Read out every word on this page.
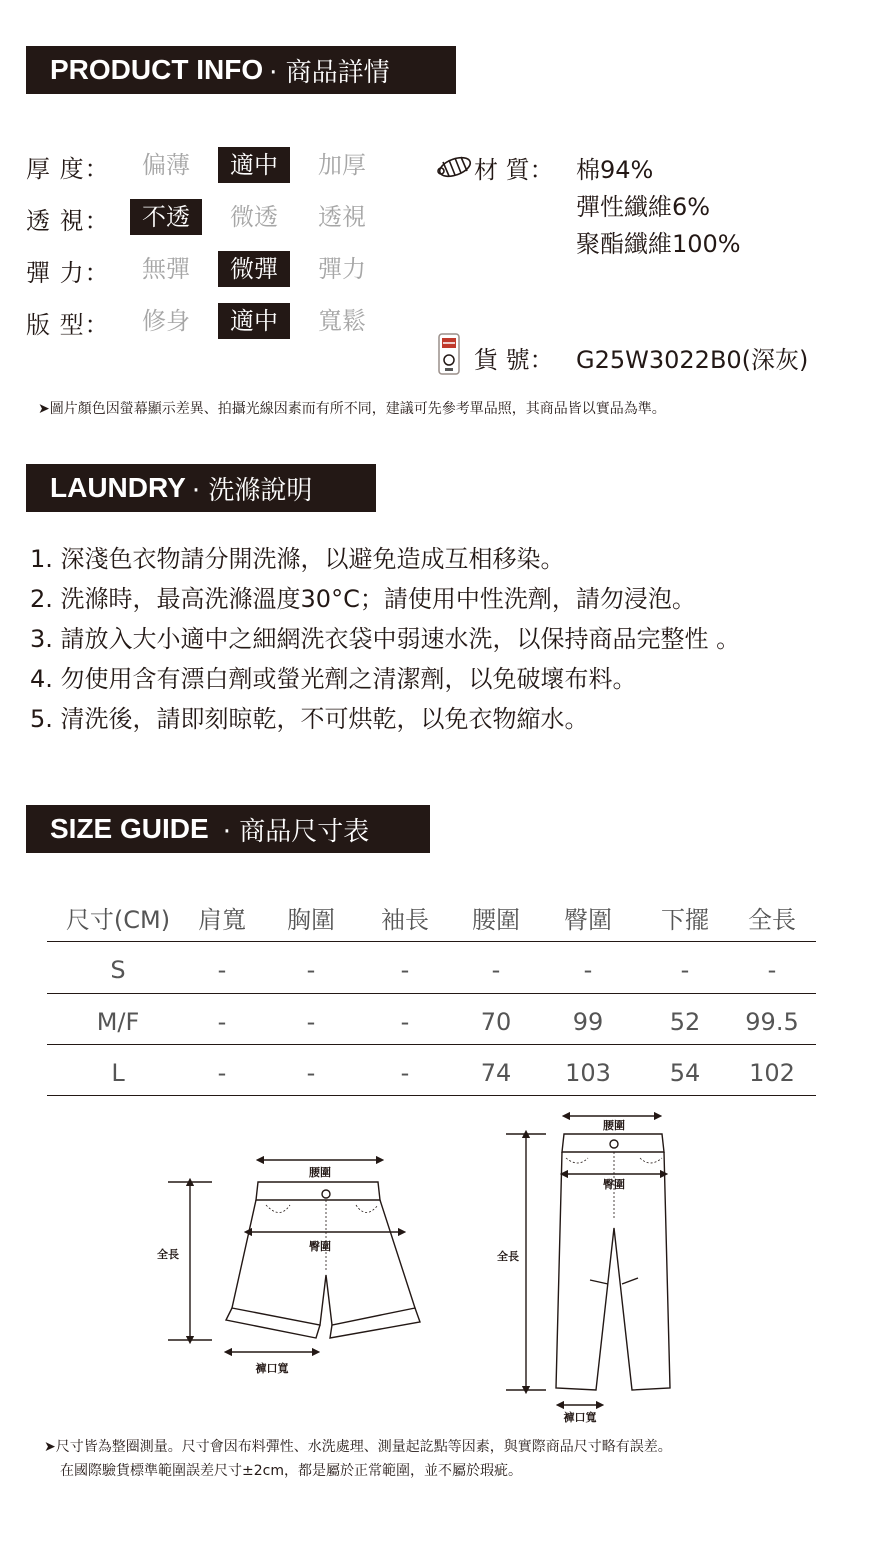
PRODUCT INFO · 商品詳情
厚 度：	偏薄	適中	加厚
透 視：	不透	微透	透視
彈 力：	無彈	微彈	彈力
版 型：	修身	適中	寬鬆
材 質： 棉94%
彈性纖維6%
聚酯纖維100%
貨 號： G25W3022B0(深灰)
➤圖片顏色因螢幕顯示差異、拍攝光線因素而有所不同，建議可先參考單品照，其商品皆以實品為準。
LAUNDRY · 洗滌說明
1. 深淺色衣物請分開洗滌，以避免造成互相移染。
2. 洗滌時，最高洗滌溫度30°C；請使用中性洗劑，請勿浸泡。
3. 請放入大小適中之細網洗衣袋中弱速水洗，以保持商品完整性 。
4. 勿使用含有漂白劑或螢光劑之清潔劑，以免破壞布料。
5. 清洗後，請即刻晾乾，不可烘乾，以免衣物縮水。
SIZE GUIDE · 商品尺寸表
尺寸(CM)	肩寬	胸圍	袖長	腰圍	臀圍	下擺	全長
S	-	-	-	-	-	-	-
M/F	-	-	-	70	99	52	99.5
L	-	-	-	74	103	54	102
腰圍
臀圍
全長
褲口寬
腰圍
臀圍
全長
褲口寬
➤尺寸皆為整圈測量。尺寸會因布料彈性、水洗處理、測量起訖點等因素，與實際商品尺寸略有誤差。
在國際驗貨標準範圍誤差尺寸±2cm，都是屬於正常範圍，並不屬於瑕疵。
